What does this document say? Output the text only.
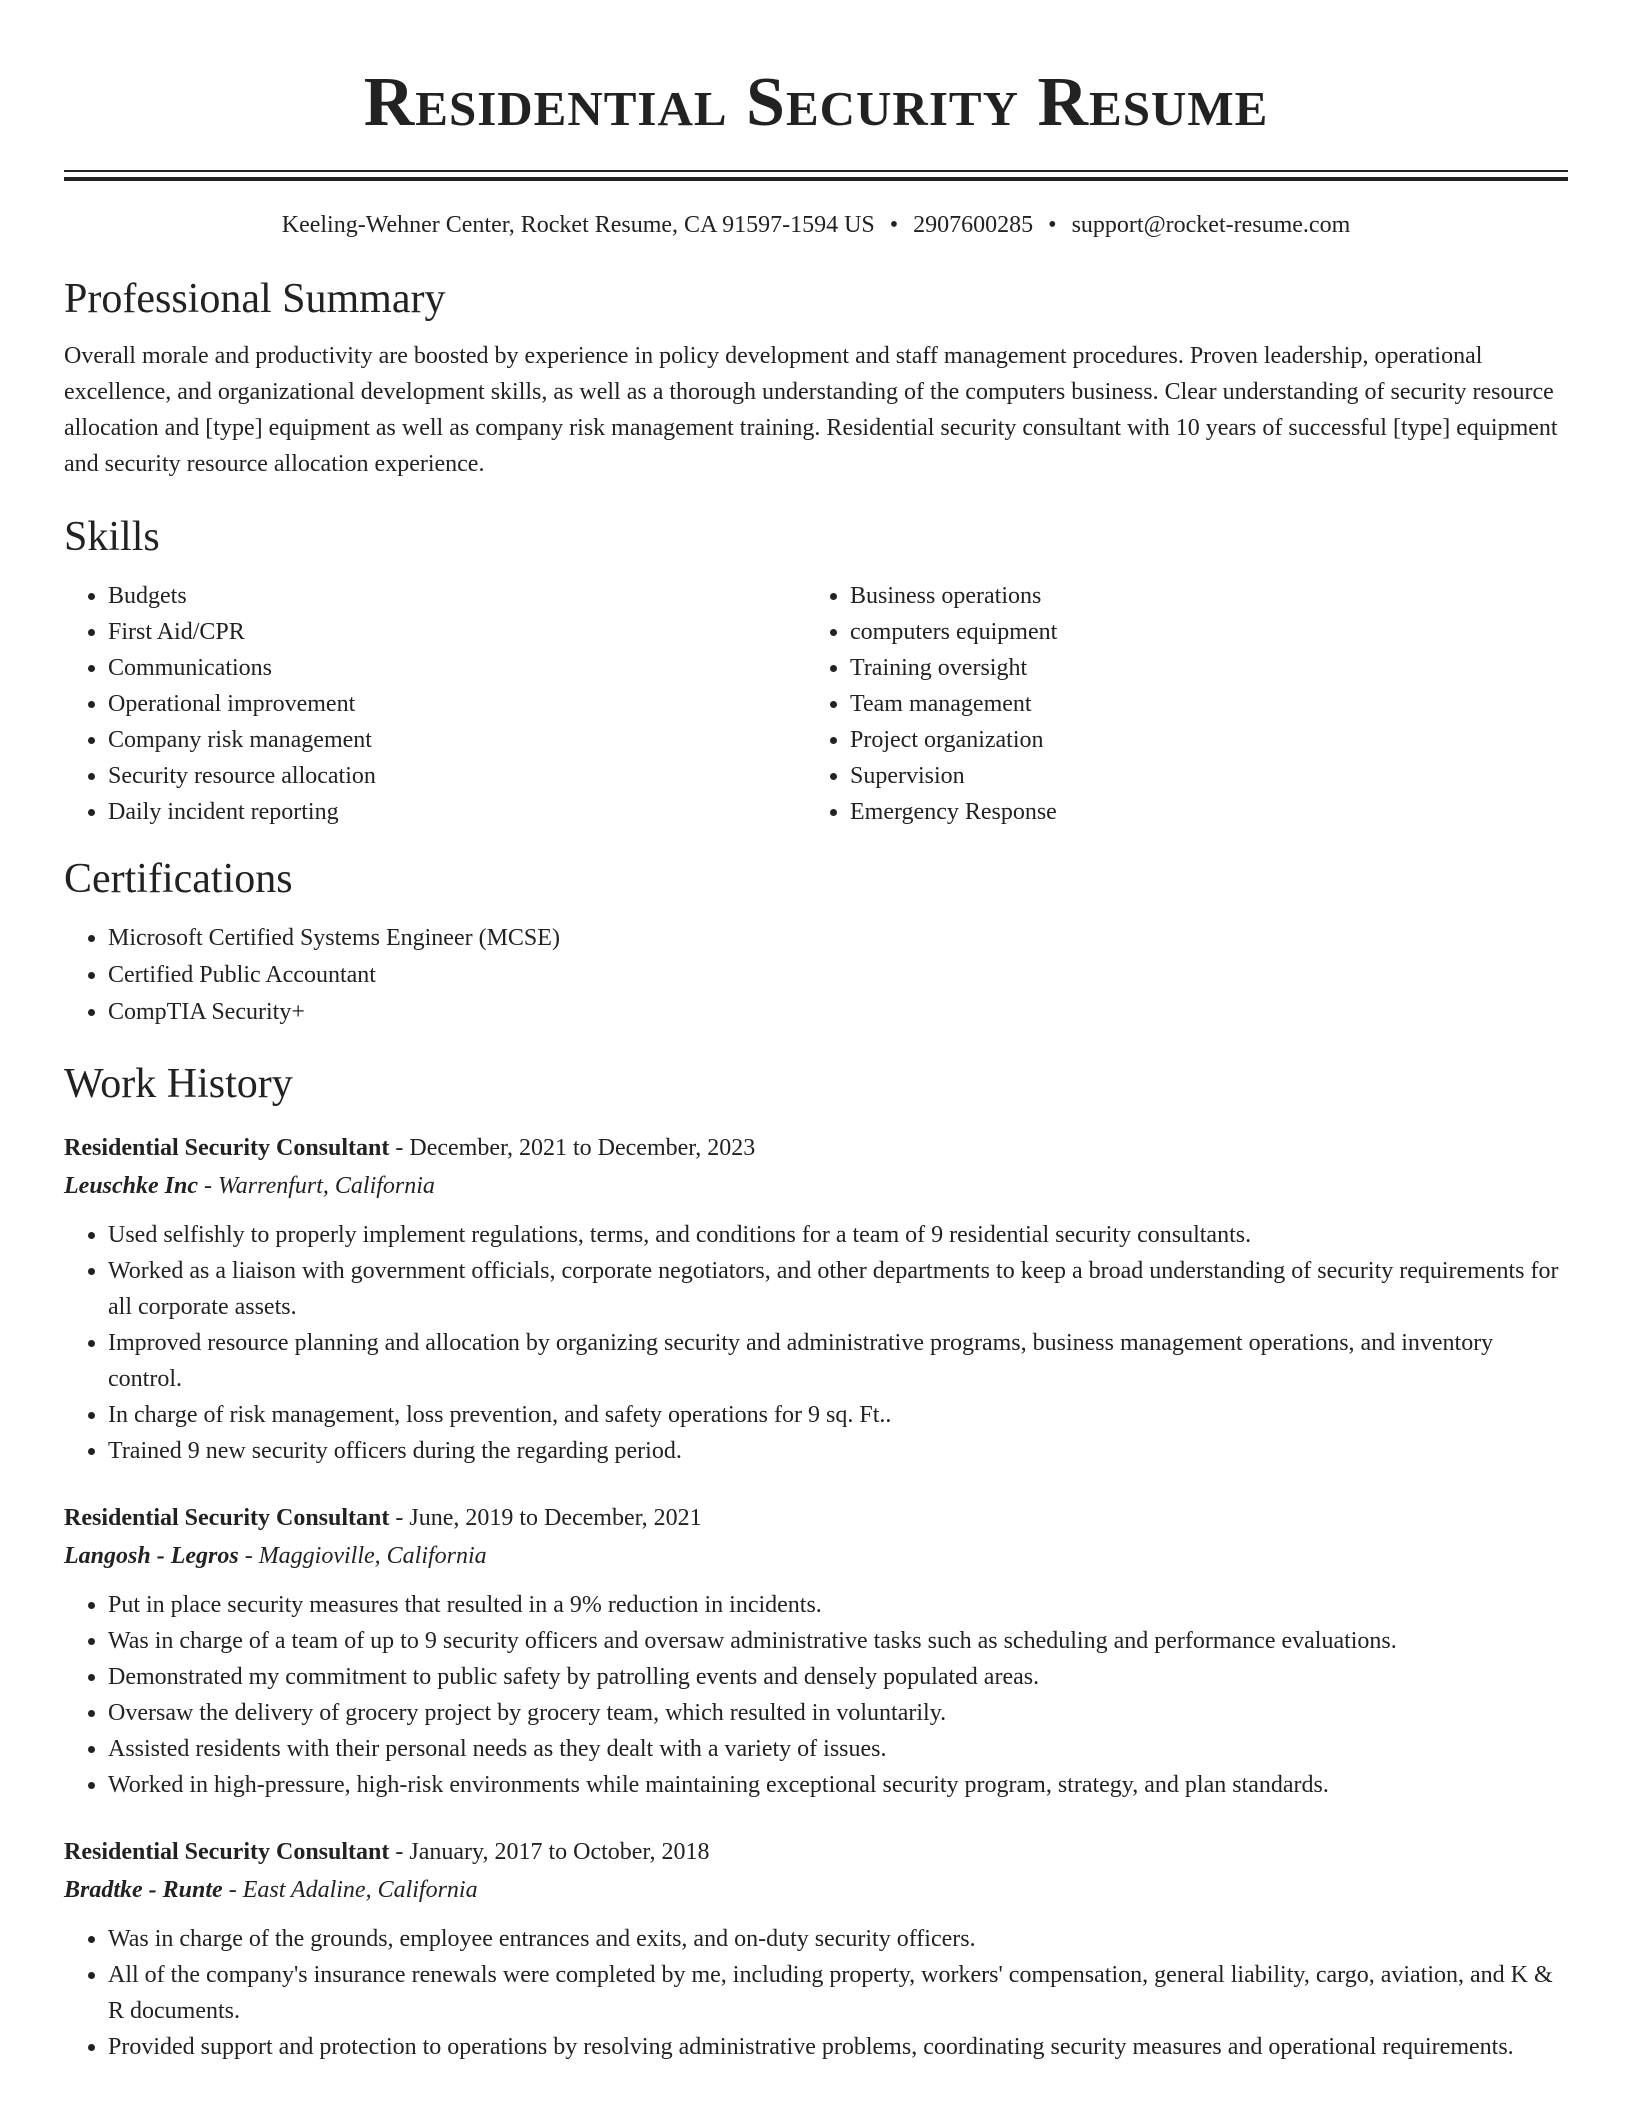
Residential Security Resume
Keeling-Wehner Center, Rocket Resume, CA 91597-1594 US • 2907600285 • support@rocket-resume.com
Professional Summary
Overall morale and productivity are boosted by experience in policy development and staff management procedures. Proven leadership, operational excellence, and organizational development skills, as well as a thorough understanding of the computers business. Clear understanding of security resource allocation and [type] equipment as well as company risk management training. Residential security consultant with 10 years of successful [type] equipment and security resource allocation experience.
Skills
• Budgets
• First Aid/CPR
• Communications
• Operational improvement
• Company risk management
• Security resource allocation
• Daily incident reporting
• Business operations
• computers equipment
• Training oversight
• Team management
• Project organization
• Supervision
• Emergency Response
Certifications
• Microsoft Certified Systems Engineer (MCSE)
• Certified Public Accountant
• CompTIA Security+
Work History
Residential Security Consultant - December, 2021 to December, 2023
Leuschke Inc - Warrenfurt, California
• Used selfishly to properly implement regulations, terms, and conditions for a team of 9 residential security consultants.
• Worked as a liaison with government officials, corporate negotiators, and other departments to keep a broad understanding of security requirements for all corporate assets.
• Improved resource planning and allocation by organizing security and administrative programs, business management operations, and inventory control.
• In charge of risk management, loss prevention, and safety operations for 9 sq. Ft..
• Trained 9 new security officers during the regarding period.
Residential Security Consultant - June, 2019 to December, 2021
Langosh - Legros - Maggioville, California
• Put in place security measures that resulted in a 9% reduction in incidents.
• Was in charge of a team of up to 9 security officers and oversaw administrative tasks such as scheduling and performance evaluations.
• Demonstrated my commitment to public safety by patrolling events and densely populated areas.
• Oversaw the delivery of grocery project by grocery team, which resulted in voluntarily.
• Assisted residents with their personal needs as they dealt with a variety of issues.
• Worked in high-pressure, high-risk environments while maintaining exceptional security program, strategy, and plan standards.
Residential Security Consultant - January, 2017 to October, 2018
Bradtke - Runte - East Adaline, California
• Was in charge of the grounds, employee entrances and exits, and on-duty security officers.
• All of the company's insurance renewals were completed by me, including property, workers' compensation, general liability, cargo, aviation, and K & R documents.
• Provided support and protection to operations by resolving administrative problems, coordinating security measures and operational requirements.
